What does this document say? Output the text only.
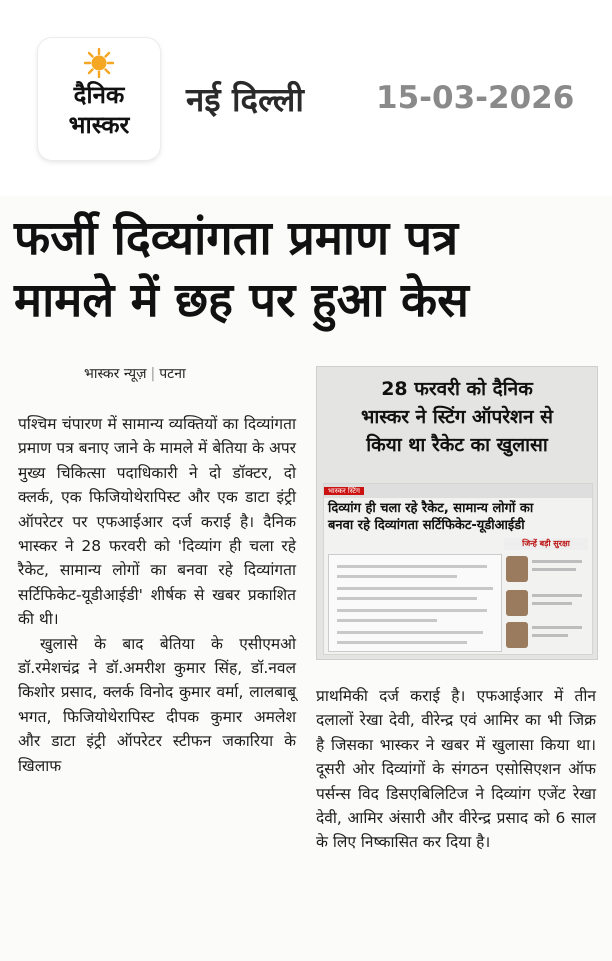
दैनिक
भास्कर
नई दिल्ली 15-03-2026
फर्जी दिव्यांगता प्रमाण पत्र
मामले में छह पर हुआ केस
भास्कर न्यूज़ | पटना

पश्चिम चंपारण में सामान्य व्यक्तियों का दिव्यांगता प्रमाण पत्र बनाए जाने के मामले में बेतिया के अपर मुख्य चिकित्सा पदाधिकारी ने दो डॉक्टर, दो क्लर्क, एक फिजियोथेरापिस्ट और एक डाटा इंट्री ऑपरेटर पर एफआईआर दर्ज कराई है। दैनिक भास्कर ने 28 फरवरी को 'दिव्यांग ही चला रहे रैकेट, सामान्य लोगों का बनवा रहे दिव्यांगता सर्टिफिकेट-यूडीआईडी' शीर्षक से खबर प्रकाशित की थी।

खुलासे के बाद बेतिया के एसीएमओ डॉ.रमेशचंद्र ने डॉ.अमरीश कुमार सिंह, डॉ.नवल किशोर प्रसाद, क्लर्क विनोद कुमार वर्मा, लालबाबू भगत, फिजियोथेरापिस्ट दीपक कुमार अमलेश और डाटा इंट्री ऑपरेटर स्टीफन जकारिया के खिलाफ

28 फरवरी को दैनिक
भास्कर ने स्टिंग ऑपरेशन से
किया था रैकेट का खुलासा
भास्कर स्टिंग
दिव्यांग ही चला रहे रैकेट, सामान्य लोगों का
बनवा रहे दिव्यांगता सर्टिफिकेट-यूडीआईडी
जिन्हें बड़ी सुरक्षा

प्राथमिकी दर्ज कराई है। एफआईआर में तीन दलालों रेखा देवी, वीरेन्द्र एवं आमिर का भी जिक्र है जिसका भास्कर ने खबर में खुलासा किया था। दूसरी ओर दिव्यांगों के संगठन एसोसिएशन ऑफ पर्सन्स विद डिसएबिलिटिज ने दिव्यांग एजेंट रेखा देवी, आमिर अंसारी और वीरेन्द्र प्रसाद को 6 साल के लिए निष्कासित कर दिया है।
